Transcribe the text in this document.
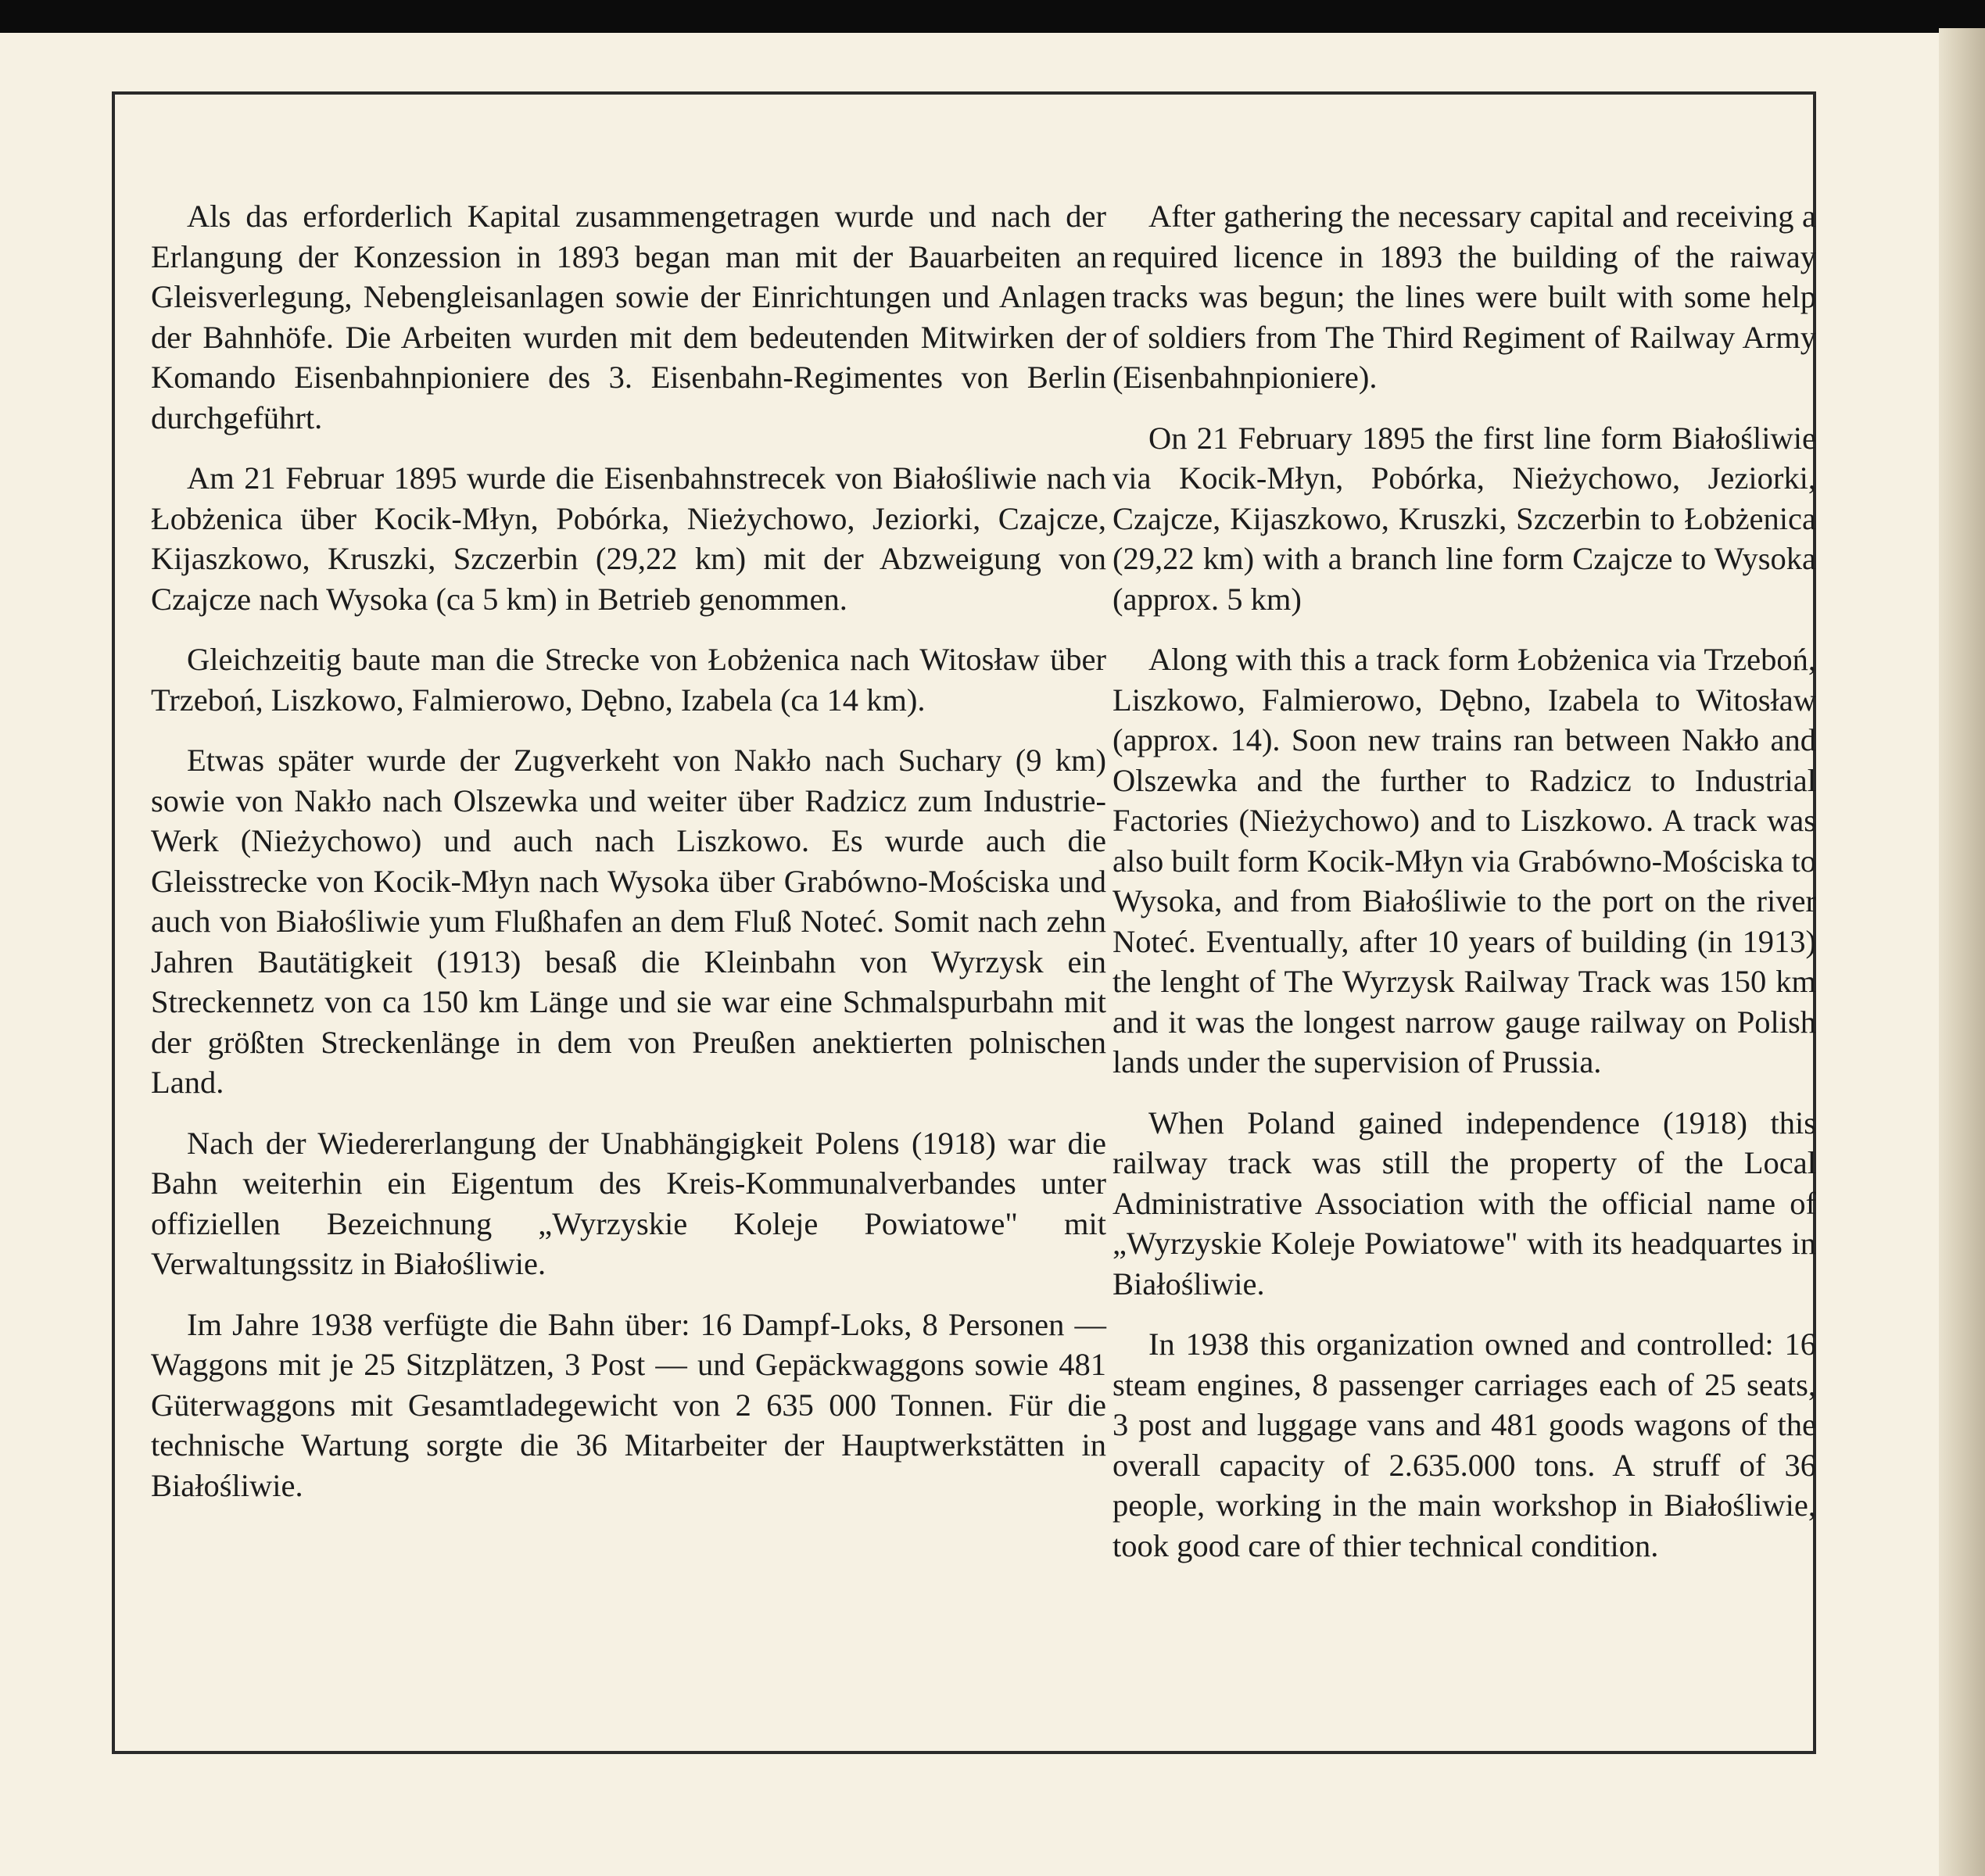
Als das erforderlich Kapital zusammengetragen wurde und nach der Erlangung der Konzession in 1893 began man mit der Bauarbeiten an Gleisverlegung, Nebengleisanlagen sowie der Einrichtungen und Anlagen der Bahnhöfe. Die Arbeiten wurden mit dem bedeutenden Mitwirken der Komando Eisenbahnpioniere des 3. Eisenbahn-Regimentes von Berlin durchgeführt.

Am 21 Februar 1895 wurde die Eisenbahnstrecek von Białośliwie nach Łobżenica über Kocik-Młyn, Pobórka, Nieżychowo, Jeziorki, Czajcze, Kijaszkowo, Kruszki, Szczerbin (29,22 km) mit der Abzweigung von Czajcze nach Wysoka (ca 5 km) in Betrieb genommen.

Gleichzeitig baute man die Strecke von Łobżenica nach Witosław über Trzeboń, Liszkowo, Falmierowo, Dębno, Izabela (ca 14 km).

Etwas später wurde der Zugverkeht von Nakło nach Suchary (9 km) sowie von Nakło nach Olszewka und weiter über Radzicz zum Industrie-Werk (Nieżychowo) und auch nach Liszkowo. Es wurde auch die Gleisstrecke von Kocik-Młyn nach Wysoka über Grabówno-Mościska und auch von Białośliwie yum Flußhafen an dem Fluß Noteć. Somit nach zehn Jahren Bautätigkeit (1913) besaß die Kleinbahn von Wyrzysk ein Streckennetz von ca 150 km Länge und sie war eine Schmalspurbahn mit der größten Streckenlänge in dem von Preußen anektierten polnischen Land.

Nach der Wiedererlangung der Unabhängigkeit Polens (1918) war die Bahn weiterhin ein Eigentum des Kreis-Kommunalverbandes unter offiziellen Bezeichnung „Wyrzyskie Koleje Powiatowe" mit Verwaltungssitz in Białośliwie.

Im Jahre 1938 verfügte die Bahn über: 16 Dampf-Loks, 8 Personen — Waggons mit je 25 Sitzplätzen, 3 Post — und Gepäckwaggons sowie 481 Güterwaggons mit Gesamtladegewicht von 2 635 000 Tonnen. Für die technische Wartung sorgte die 36 Mitarbeiter der Hauptwerkstätten in Białośliwie.

After gathering the necessary capital and receiving a required licence in 1893 the building of the raiway tracks was begun; the lines were built with some help of soldiers from The Third Regiment of Railway Army (Eisenbahnpioniere).

On 21 February 1895 the first line form Białośliwie via Kocik-Młyn, Pobórka, Nieżychowo, Jeziorki, Czajcze, Kijaszkowo, Kruszki, Szczerbin to Łobżenica (29,22 km) with a branch line form Czajcze to Wysoka (approx. 5 km)

Along with this a track form Łobżenica via Trzeboń, Liszkowo, Falmierowo, Dębno, Izabela to Witosław (approx. 14). Soon new trains ran between Nakło and Olszewka and the further to Radzicz to Industrial Factories (Nieżychowo) and to Liszkowo. A track was also built form Kocik-Młyn via Grabówno-Mościska to Wysoka, and from Białośliwie to the port on the river Noteć. Eventually, after 10 years of building (in 1913) the lenght of The Wyrzysk Railway Track was 150 km and it was the longest narrow gauge railway on Polish lands under the supervision of Prussia.

When Poland gained independence (1918) this railway track was still the property of the Local Administrative Association with the official name of „Wyrzyskie Koleje Powiatowe" with its headquartes in Białośliwie.

In 1938 this organization owned and controlled: 16 steam engines, 8 passenger carriages each of 25 seats, 3 post and luggage vans and 481 goods wagons of the overall capacity of 2.635.000 tons. A struff of 36 people, working in the main workshop in Białośliwie, took good care of thier technical condition.
